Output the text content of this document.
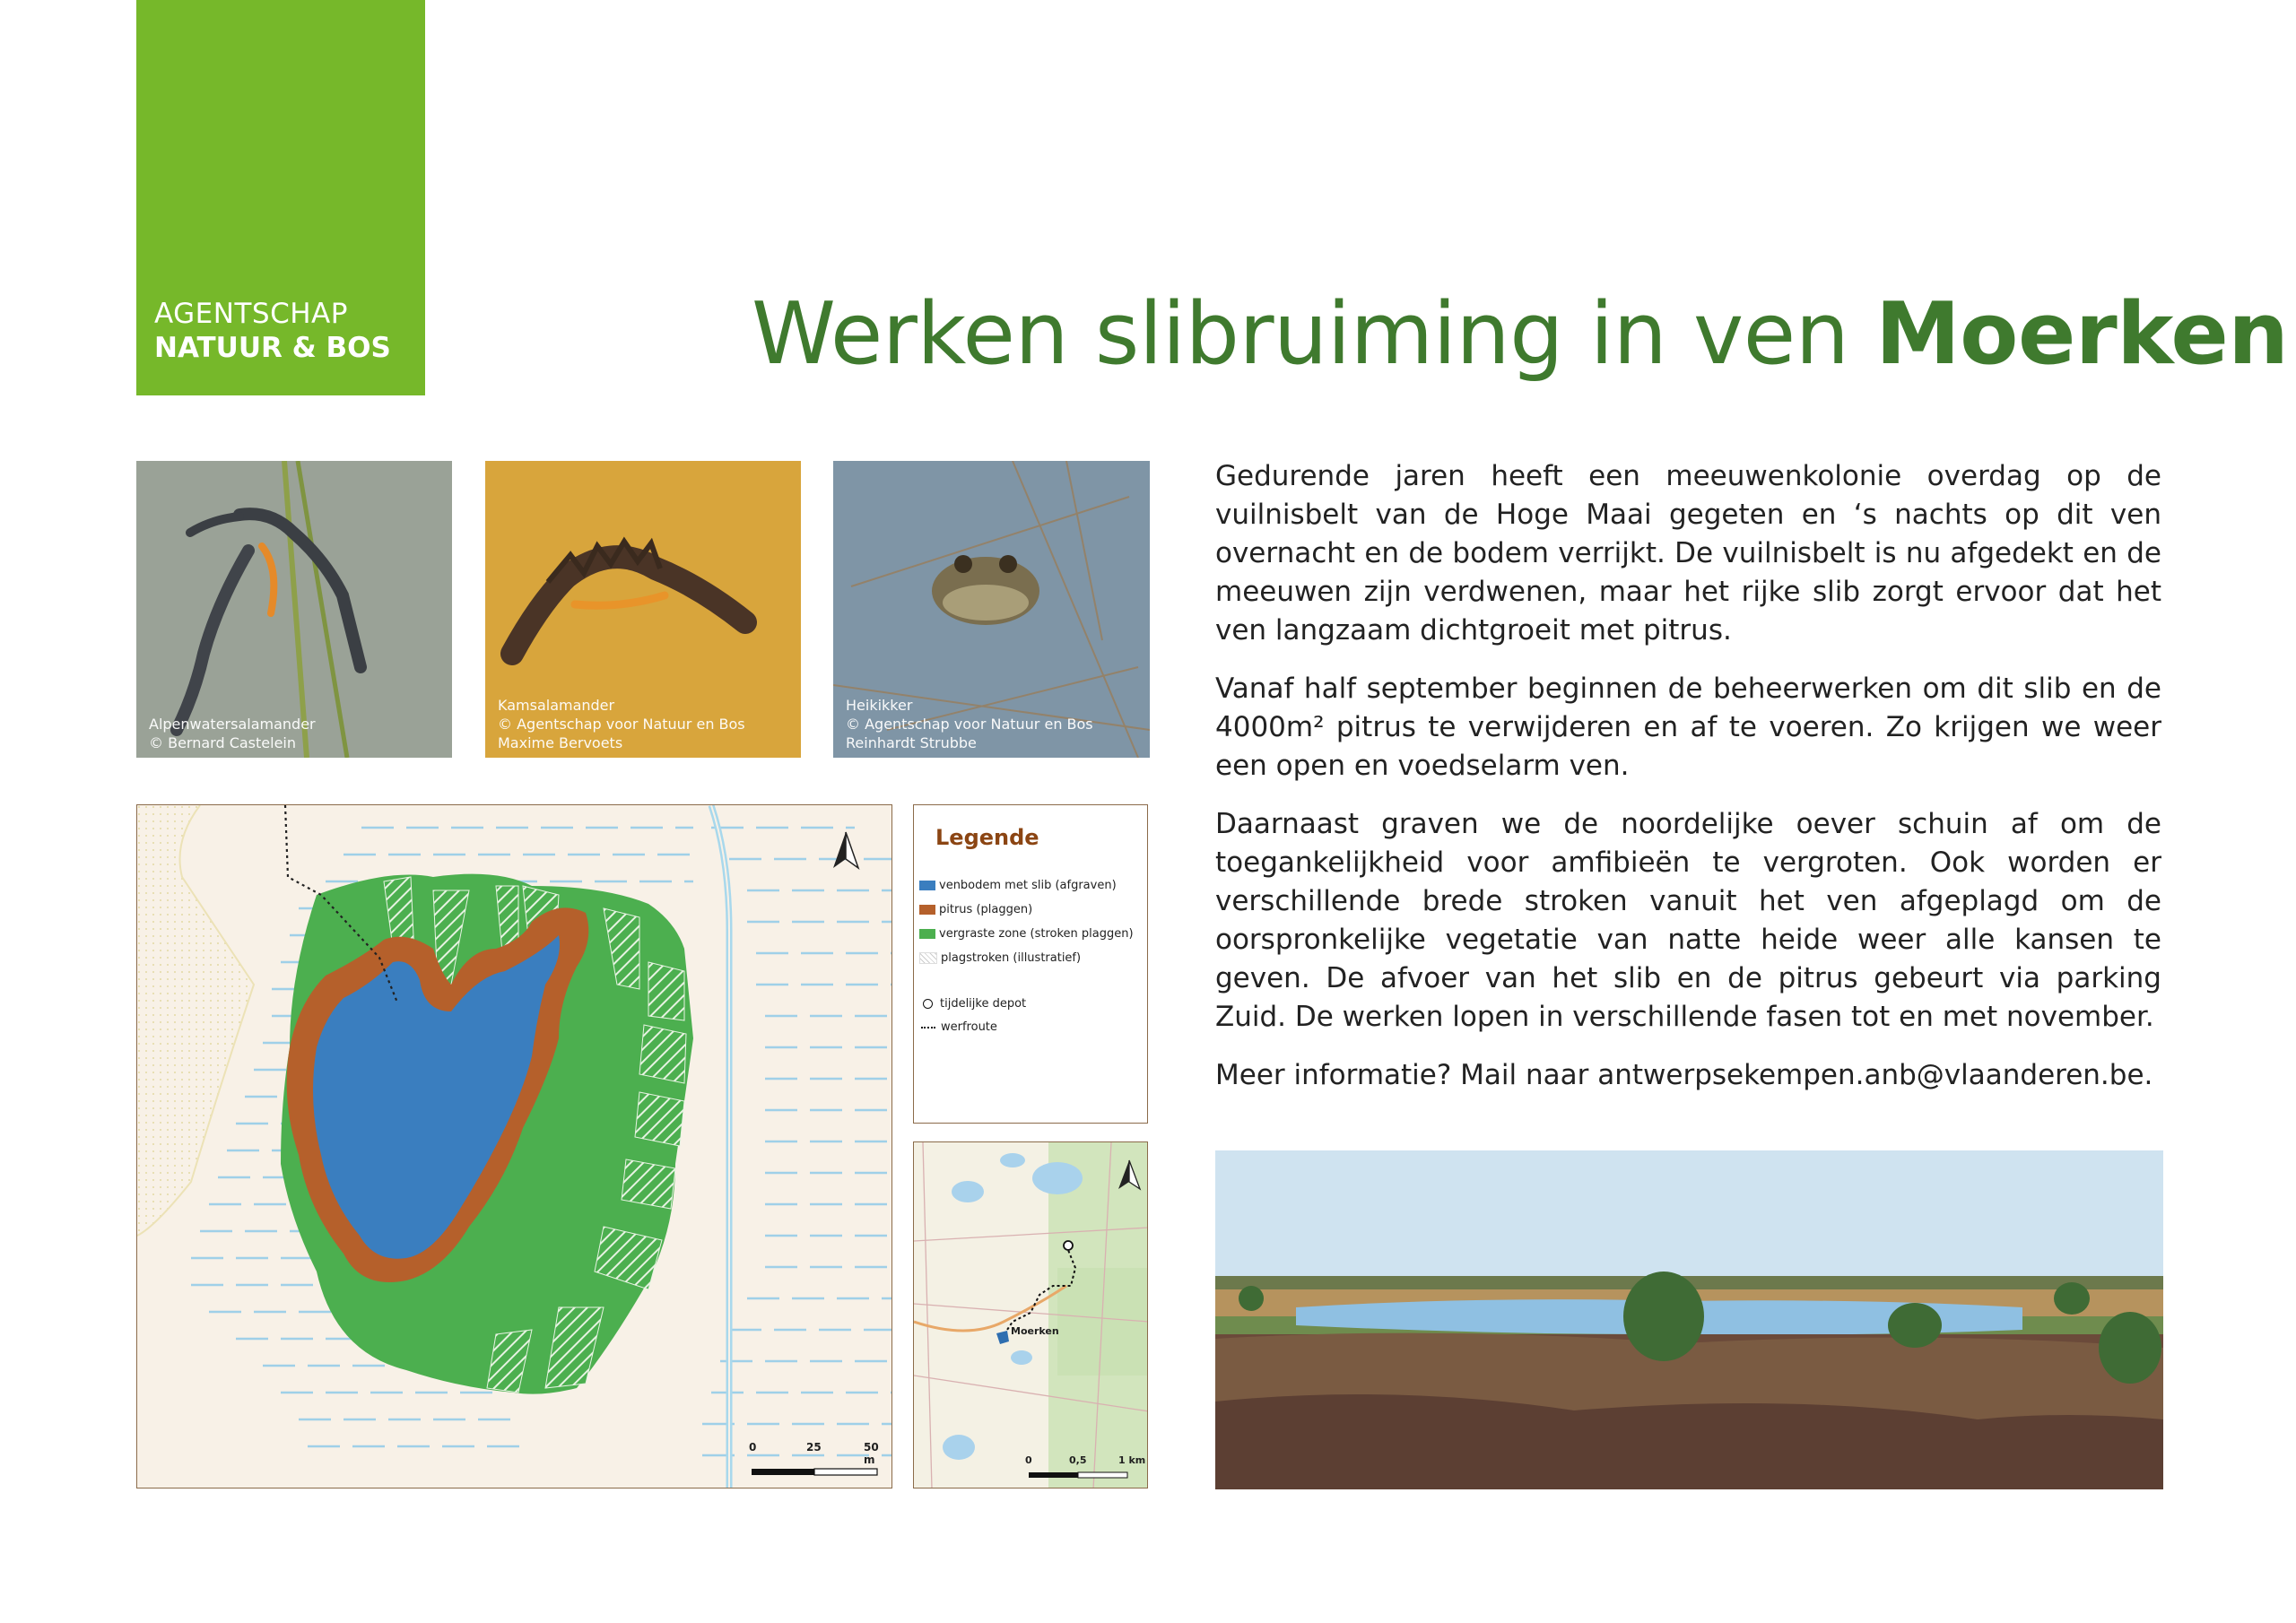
AGENTSCHAP
NATUUR & BOS	Werken slibruiming in ven Moerken
Alpenwatersalamander
© Bernard Castelein
Kamsalamander
© Agentschap voor Natuur en Bos
Maxime Bervoets
Heikikker
© Agentschap voor Natuur en Bos
Reinhardt Strubbe

Gedurende jaren heeft een meeuwenkolonie overdag op de vuilnisbelt van de Hoge Maai gegeten en ‘s nachts op dit ven overnacht en de bodem verrijkt. De vuilnisbelt is nu afgedekt en de meeuwen zijn verdwenen, maar het rijke slib zorgt ervoor dat het ven langzaam dichtgroeit met pitrus.

Vanaf half september beginnen de beheerwerken om dit slib en de 4000m² pitrus te verwijderen en af te voeren. Zo krijgen we weer een open en voedselarm ven.

Daarnaast graven we de noordelijke oever schuin af om de toegankelijkheid voor amfibieën te vergroten. Ook worden er verschillende brede stroken vanuit het ven afgeplagd om de oorspronkelijke vegetatie van natte heide weer alle kansen te geven. De afvoer van het slib en de pitrus gebeurt via parking Zuid. De werken lopen in verschillende fasen tot en met november.

Meer informatie? Mail naar antwerpsekempen.anb@vlaanderen.be.

0	25	50 m
Legende
venbodem met slib (afgraven)
pitrus (plaggen)
vergraste zone (stroken plaggen)
plagstroken (illustratief)
tijdelijke depot
werfroute
Moerken
0	0,5	1 km
